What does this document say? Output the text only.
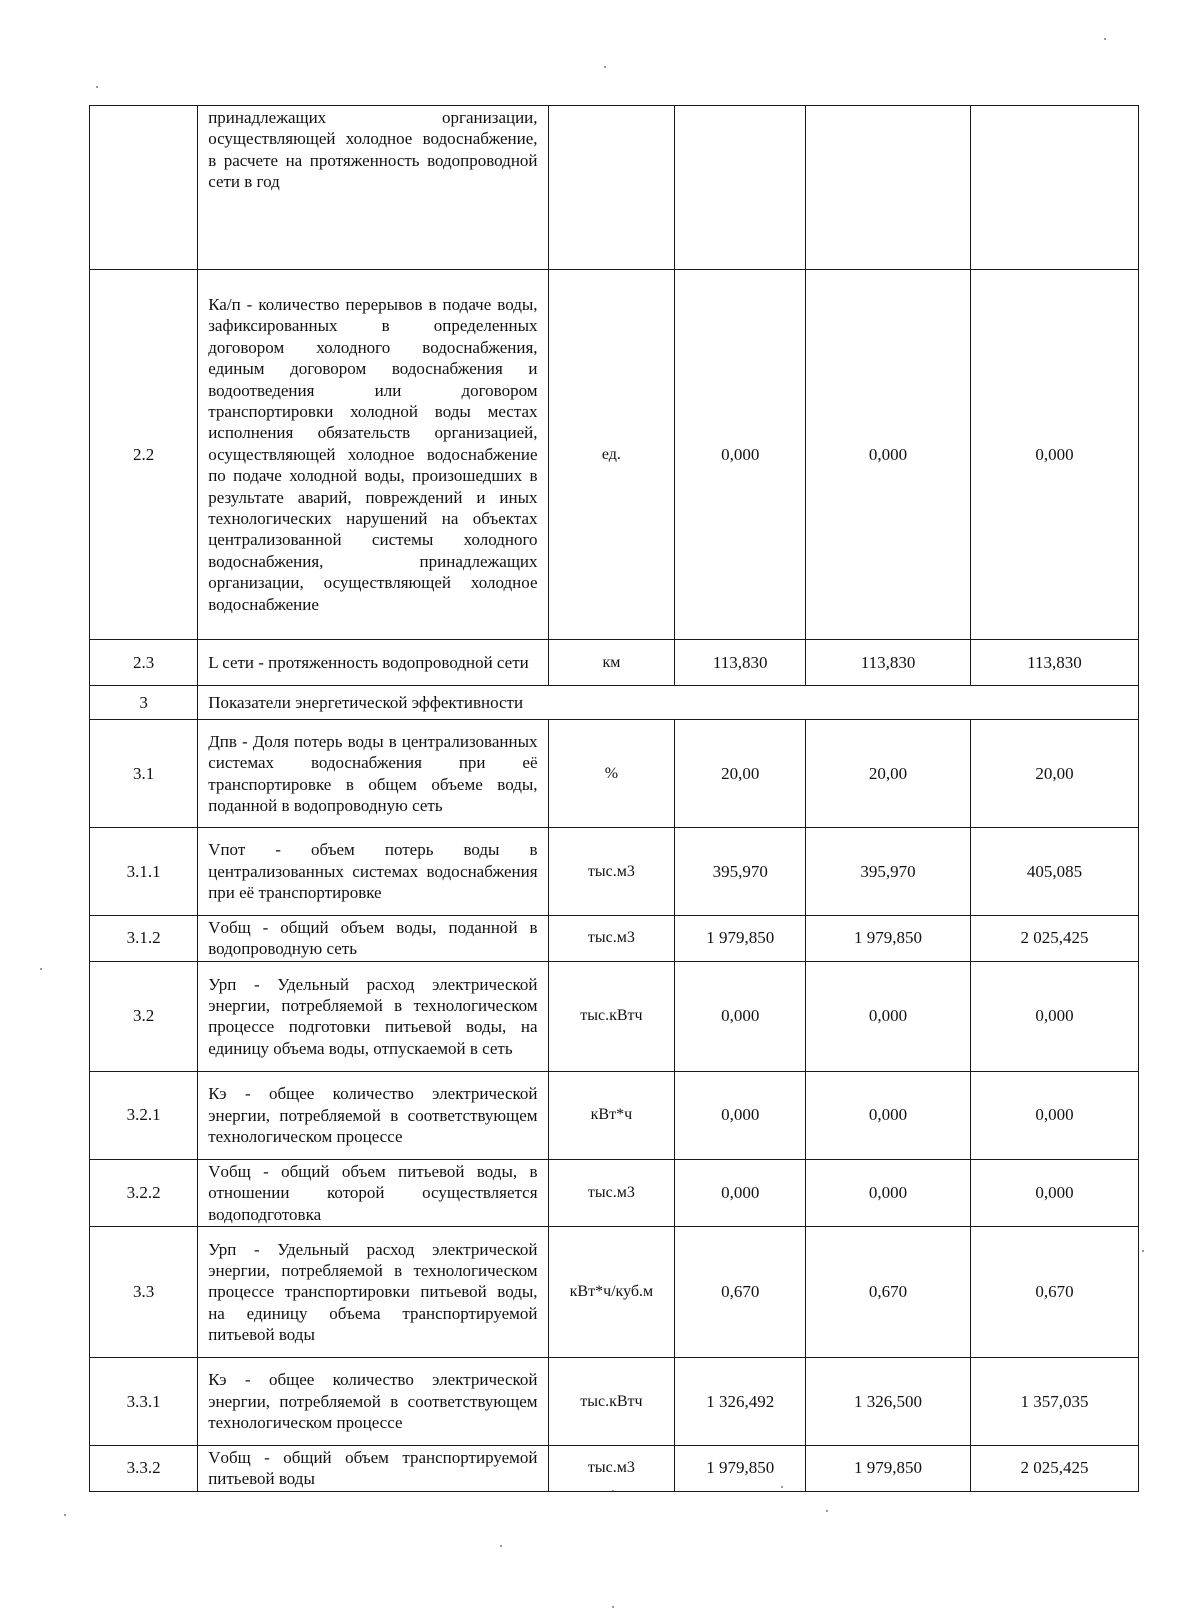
	принадлежащих организации, осуществляющей холодное водоснабжение, в расчете на протяженность водопроводной сети в год				
2.2	Ка/п - количество перерывов в подаче воды, зафиксированных в определенных договором холодного водоснабжения, единым договором водоснабжения и водоотведения или договором транспортировки холодной воды местах исполнения обязательств организацией, осуществляющей холодное водоснабжение по подаче холодной воды, произошедших в результате аварий, повреждений и иных технологических нарушений на объектах централизованной системы холодного водоснабжения, принадлежащих организации, осуществляющей холодное водоснабжение	ед.	0,000	0,000	0,000
2.3	L сети - протяженность водопроводной сети	км	113,830	113,830	113,830
3	Показатели энергетической эффективности				
3.1	Дпв - Доля потерь воды в централизованных системах водоснабжения при её транспортировке в общем объеме воды, поданной в водопроводную сеть	%	20,00	20,00	20,00
3.1.1	Vпот - объем потерь воды в централизованных системах водоснабжения при её транспортировке	тыс.м3	395,970	395,970	405,085
3.1.2	Vобщ - общий объем воды, поданной в водопроводную сеть	тыс.м3	1 979,850	1 979,850	2 025,425
3.2	Урп - Удельный расход электрической энергии, потребляемой в технологическом процессе подготовки питьевой воды, на единицу объема воды, отпускаемой в сеть	тыс.кВтч	0,000	0,000	0,000
3.2.1	Кэ - общее количество электрической энергии, потребляемой в соответствующем технологическом процессе	кВт*ч	0,000	0,000	0,000
3.2.2	Vобщ - общий объем питьевой воды, в отношении которой осуществляется водоподготовка	тыс.м3	0,000	0,000	0,000
3.3	Урп - Удельный расход электрической энергии, потребляемой в технологическом процессе транспортировки питьевой воды, на единицу объема транспортируемой питьевой воды	кВт*ч/куб.м	0,670	0,670	0,670
3.3.1	Кэ - общее количество электрической энергии, потребляемой в соответствующем технологическом процессе	тыс.кВтч	1 326,492	1 326,500	1 357,035
3.3.2	Vобщ - общий объем транспортируемой питьевой воды	тыс.м3	1 979,850	1 979,850	2 025,425
